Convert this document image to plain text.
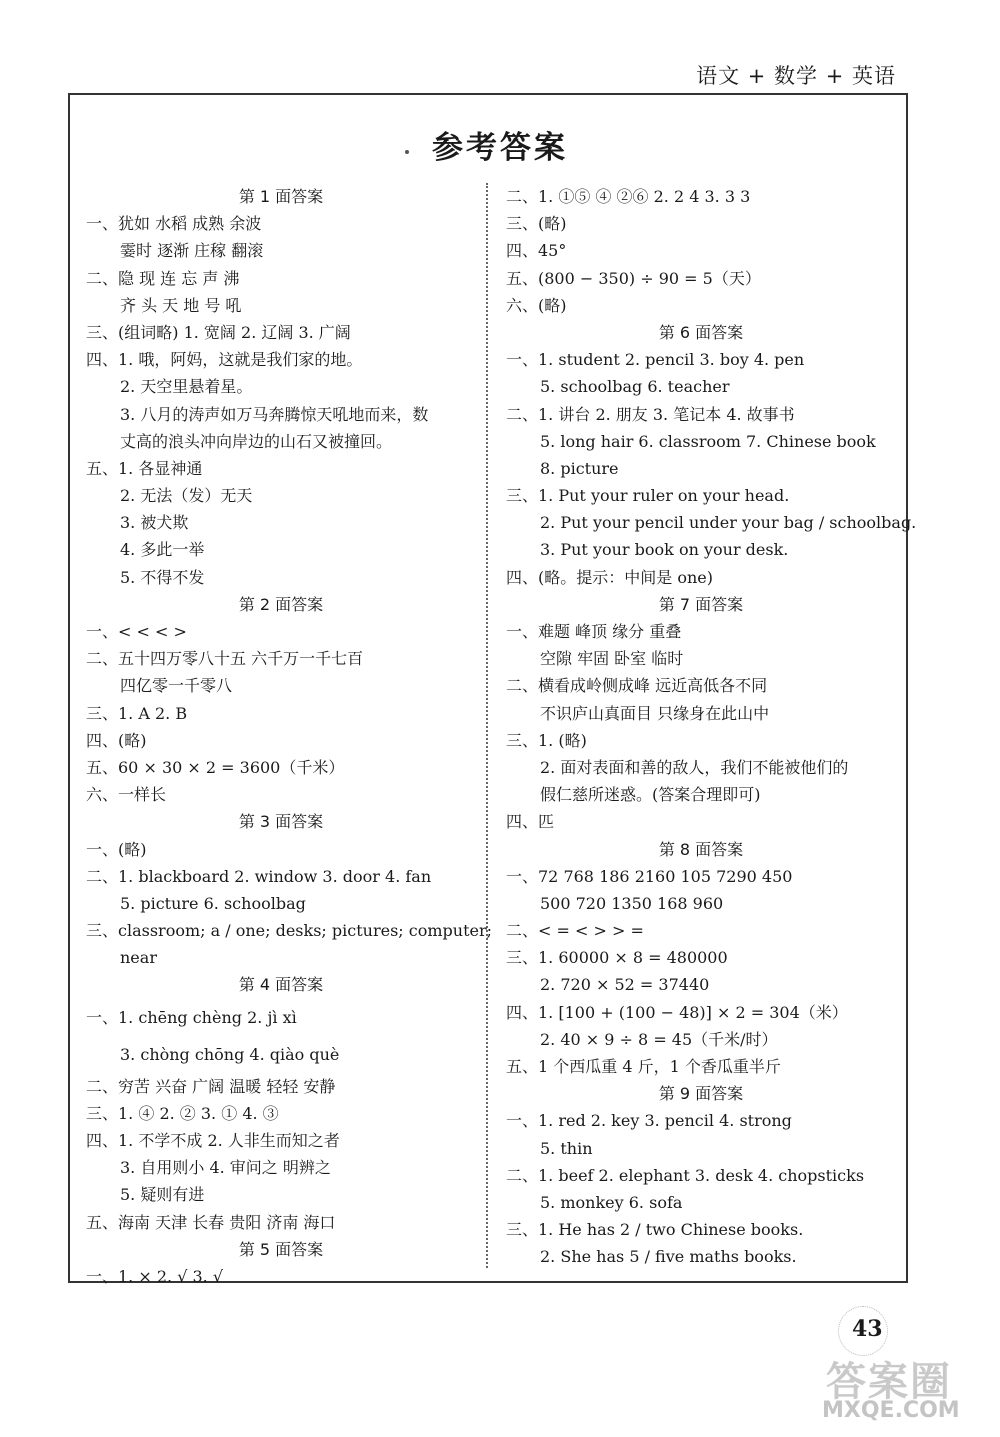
语文 + 数学 + 英语
参考答案
第 1 面答案
一、犹如 水稻 成熟 余波
霎时 逐渐 庄稼 翻滚
二、隐 现 连 忘 声 沸
齐 头 天 地 号 吼
三、(组词略) 1. 宽阔 2. 辽阔 3. 广阔
四、1. 哦，阿妈，这就是我们家的地。
2. 天空里悬着星。
3. 八月的涛声如万马奔腾惊天吼地而来，数
丈高的浪头冲向岸边的山石又被撞回。
五、1. 各显神通
2. 无法（发）无天
3. 被犬欺
4. 多此一举
5. 不得不发
第 2 面答案
一、< < < >
二、五十四万零八十五 六千万一千七百
四亿零一千零八
三、1. A 2. B
四、(略)
五、60 × 30 × 2 = 3600（千米）
六、一样长
第 3 面答案
一、(略)
二、1. blackboard 2. window 3. door 4. fan
5. picture 6. schoolbag
三、classroom; a / one; desks; pictures; computer;
near
第 4 面答案
一、1. chēng chèng 2. jì xì
3. chòng chōng 4. qiào què
二、穷苦 兴奋 广阔 温暖 轻轻 安静
三、1. ④ 2. ② 3. ① 4. ③
四、1. 不学不成 2. 人非生而知之者
3. 自用则小 4. 审问之 明辨之
5. 疑则有进
五、海南 天津 长春 贵阳 济南 海口
第 5 面答案
一、1. × 2. √ 3. √
二、1. ①⑤ ④ ②⑥ 2. 2 4 3. 3 3
三、(略)
四、45°
五、(800 − 350) ÷ 90 = 5（天）
六、(略)
第 6 面答案
一、1. student 2. pencil 3. boy 4. pen
5. schoolbag 6. teacher
二、1. 讲台 2. 朋友 3. 笔记本 4. 故事书
5. long hair 6. classroom 7. Chinese book
8. picture
三、1. Put your ruler on your head.
2. Put your pencil under your bag / schoolbag.
3. Put your book on your desk.
四、(略。提示：中间是 one)
第 7 面答案
一、难题 峰顶 缘分 重叠
空隙 牢固 卧室 临时
二、横看成岭侧成峰 远近高低各不同
不识庐山真面目 只缘身在此山中
三、1. (略)
2. 面对表面和善的敌人，我们不能被他们的
假仁慈所迷惑。(答案合理即可)
四、匹
第 8 面答案
一、72 768 186 2160 105 7290 450
500 720 1350 168 960
二、< = < > > =
三、1. 60000 × 8 = 480000
2. 720 × 52 = 37440
四、1. [100 + (100 − 48)] × 2 = 304（米）
2. 40 × 9 ÷ 8 = 45（千米/时）
五、1 个西瓜重 4 斤，1 个香瓜重半斤
第 9 面答案
一、1. red 2. key 3. pencil 4. strong
5. thin
二、1. beef 2. elephant 3. desk 4. chopsticks
5. monkey 6. sofa
三、1. He has 2 / two Chinese books.
2. She has 5 / five maths books.
43
答案圈
MXQE.COM
